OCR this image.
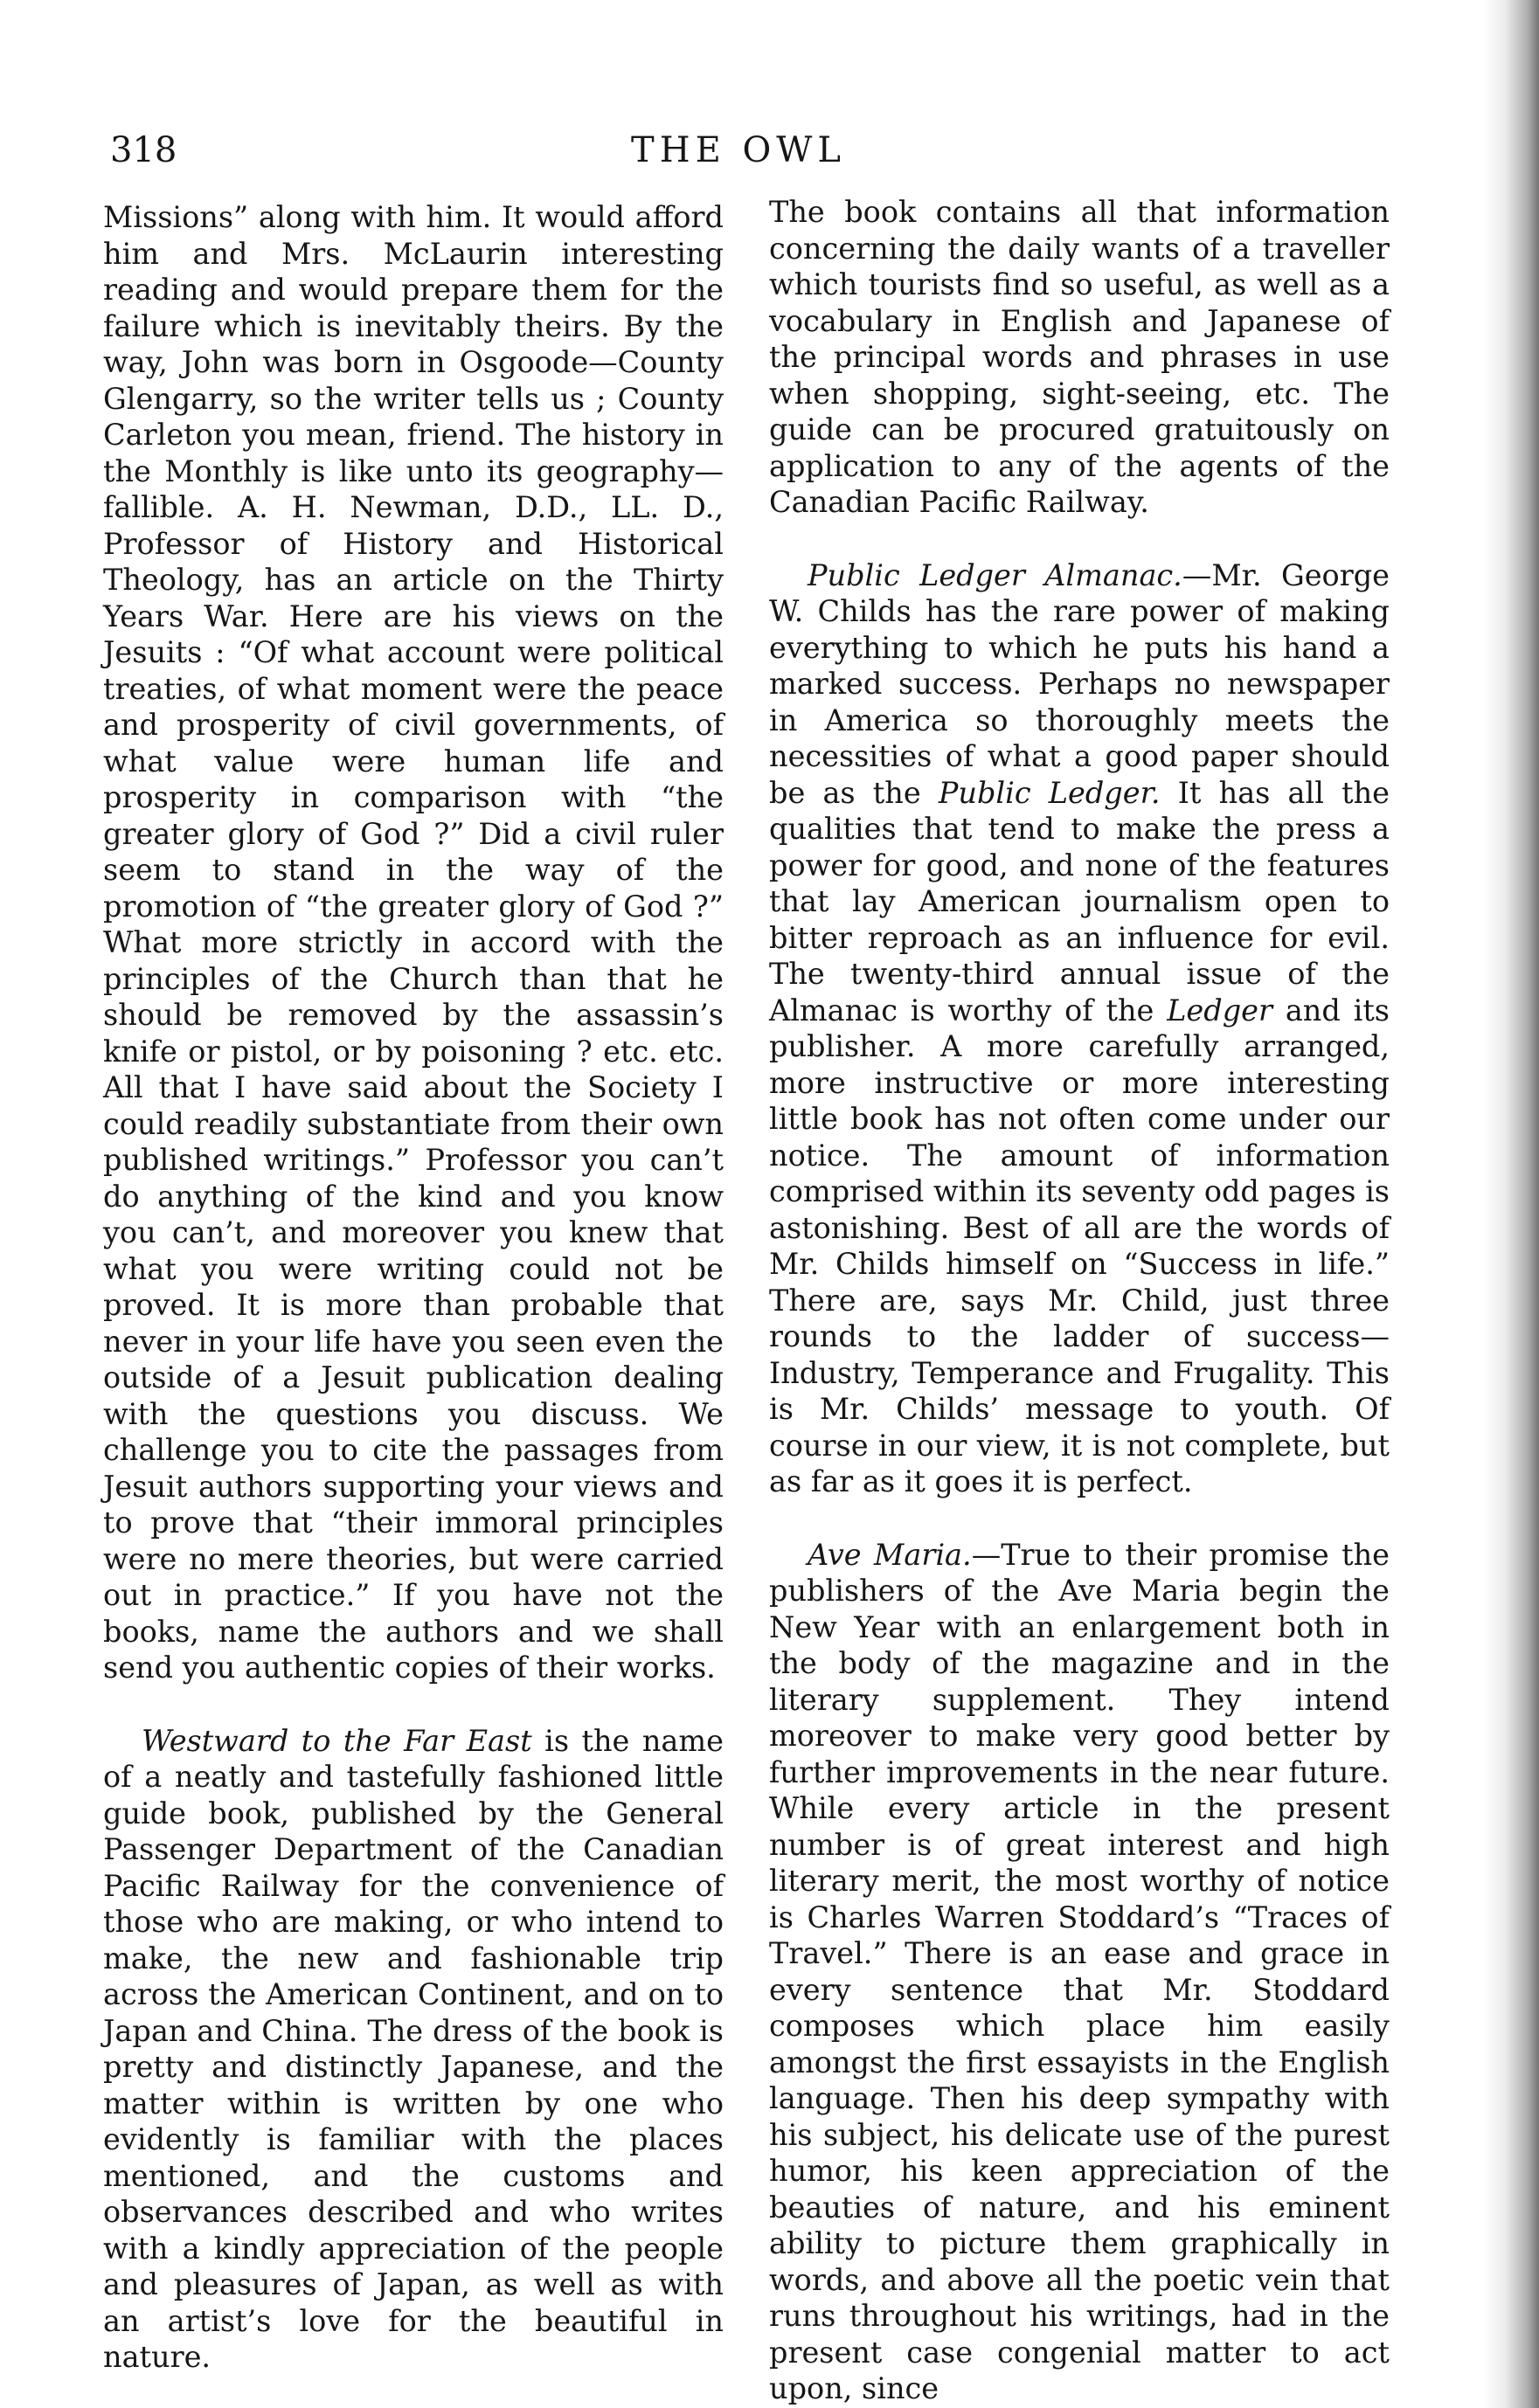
318	THE OWL

Missions” along with him. It would afford him and Mrs. McLaurin interesting reading and would prepare them for the failure which is inevitably theirs. By the way, John was born in Osgoode—County Glengarry, so the writer tells us ; County Carleton you mean, friend. The history in the Monthly is like unto its geography—fallible. A. H. Newman, D.D., LL. D., Professor of History and Historical Theology, has an article on the Thirty Years War. Here are his views on the Jesuits : “Of what account were political treaties, of what moment were the peace and prosperity of civil governments, of what value were human life and prosperity in comparison with “the greater glory of God ?” Did a civil ruler seem to stand in the way of the promotion of “the greater glory of God ?” What more strictly in accord with the principles of the Church than that he should be removed by the assassin’s knife or pistol, or by poisoning ? etc. etc. All that I have said about the Society I could readily substantiate from their own published writings.” Professor you can’t do anything of the kind and you know you can’t, and moreover you knew that what you were writing could not be proved. It is more than probable that never in your life have you seen even the outside of a Jesuit publication dealing with the questions you discuss. We challenge you to cite the passages from Jesuit authors supporting your views and to prove that “their immoral principles were no mere theories, but were carried out in practice.” If you have not the books, name the authors and we shall send you authentic copies of their works.

Westward to the Far East is the name of a neatly and tastefully fashioned little guide book, published by the General Passenger Department of the Canadian Pacific Railway for the convenience of those who are making, or who intend to make, the new and fashionable trip across the American Continent, and on to Japan and China. The dress of the book is pretty and distinctly Japanese, and the matter within is written by one who evidently is familiar with the places mentioned, and the customs and observances described and who writes with a kindly appreciation of the people and pleasures of Japan, as well as with an artist’s love for the beautiful in nature.

The book contains all that information concerning the daily wants of a traveller which tourists find so useful, as well as a vocabulary in English and Japanese of the principal words and phrases in use when shopping, sight-seeing, etc. The guide can be procured gratuitously on application to any of the agents of the Canadian Pacific Railway.

Public Ledger Almanac.—Mr. George W. Childs has the rare power of making everything to which he puts his hand a marked success. Perhaps no newspaper in America so thoroughly meets the necessities of what a good paper should be as the Public Ledger. It has all the qualities that tend to make the press a power for good, and none of the features that lay American journalism open to bitter reproach as an influence for evil. The twenty-third annual issue of the Almanac is worthy of the Ledger and its publisher. A more carefully arranged, more instructive or more interesting little book has not often come under our notice. The amount of information comprised within its seventy odd pages is astonishing. Best of all are the words of Mr. Childs himself on “Success in life.” There are, says Mr. Child, just three rounds to the ladder of success—Industry, Temperance and Frugality. This is Mr. Childs’ message to youth. Of course in our view, it is not complete, but as far as it goes it is perfect.

Ave Maria.—True to their promise the publishers of the Ave Maria begin the New Year with an enlargement both in the body of the magazine and in the literary supplement. They intend moreover to make very good better by further improvements in the near future. While every article in the present number is of great interest and high literary merit, the most worthy of notice is Charles Warren Stoddard’s “Traces of Travel.” There is an ease and grace in every sentence that Mr. Stoddard composes which place him easily amongst the first essayists in the English language. Then his deep sympathy with his subject, his delicate use of the purest humor, his keen appreciation of the beauties of nature, and his eminent ability to picture them graphically in words, and above all the poetic vein that runs throughout his writings, had in the present case congenial matter to act upon, since
